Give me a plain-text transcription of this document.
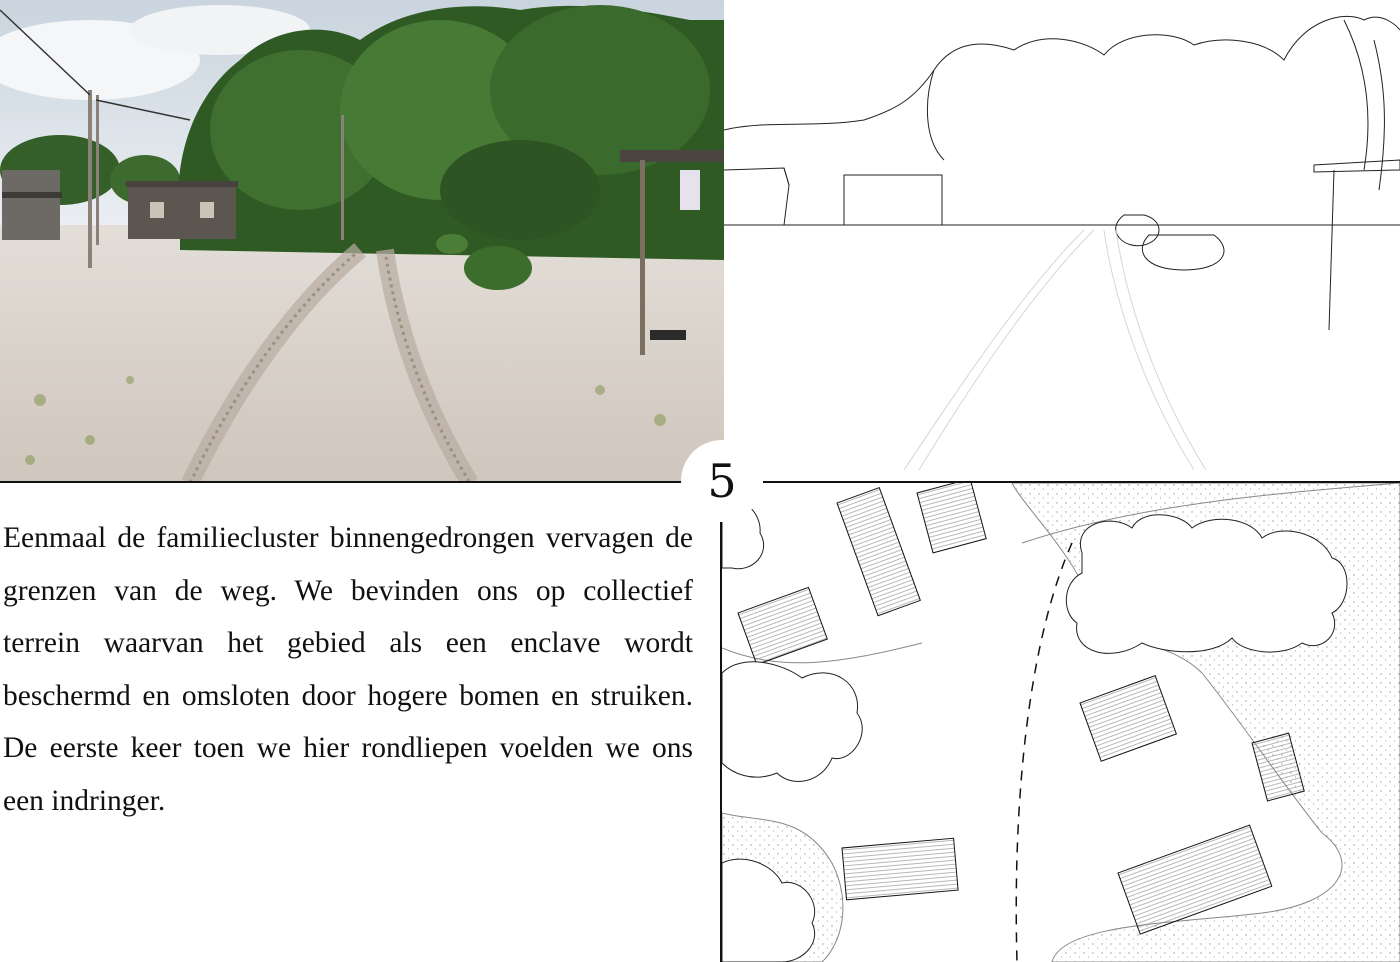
5

Eenmaal de familiecluster binnengedrongen vervagen de grenzen van de weg. We bevinden ons op collectief terrein waarvan het gebied als een enclave wordt beschermd en omsloten door hogere bomen en struiken. De eerste keer toen we hier rondliepen voelden we ons een indringer.
